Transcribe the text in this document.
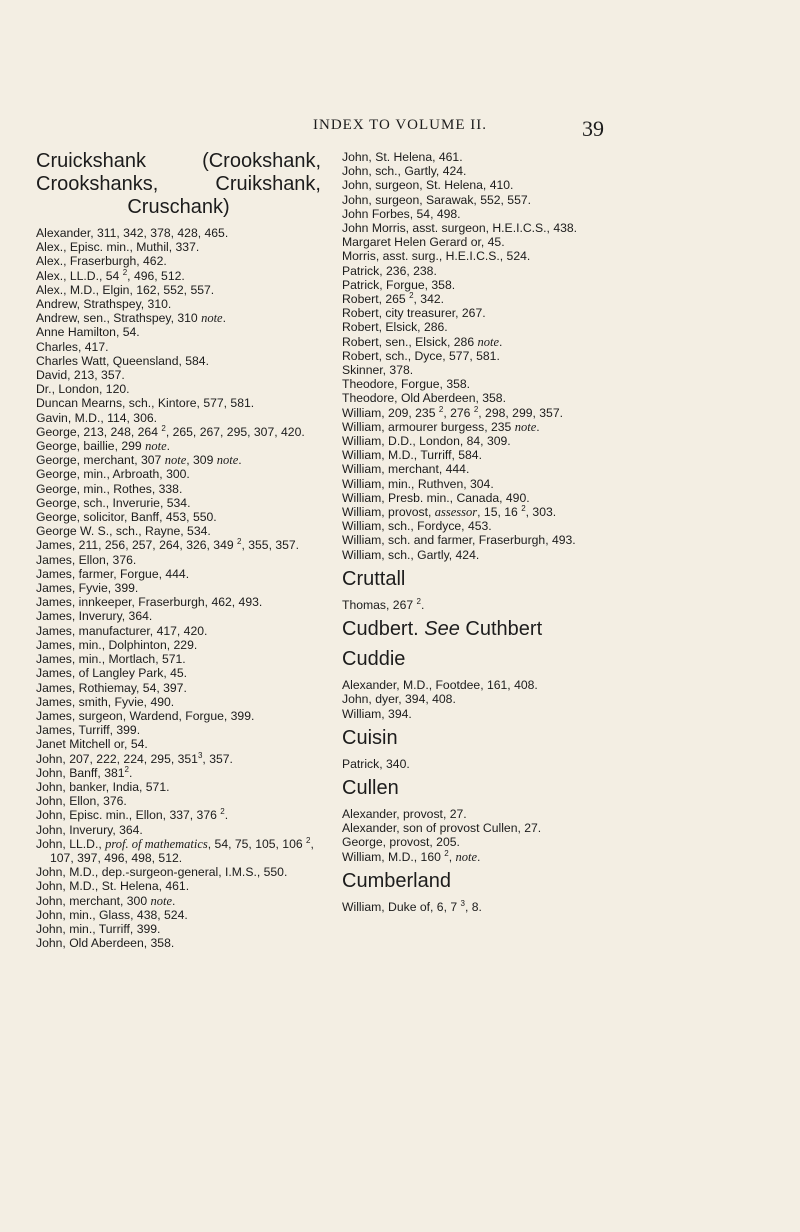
INDEX TO VOLUME II.	39
Cruickshank (Crookshank, Crookshanks, Cruikshank, Cruschank)
Alexander, 311, 342, 378, 428, 465.
Alex., Episc. min., Muthil, 337.
Alex., Fraserburgh, 462.
Alex., LL.D., 54 $^2$, 496, 512.
Alex., M.D., Elgin, 162, 552, 557.
Andrew, Strathspey, 310.
Andrew, sen., Strathspey, 310 note.
Anne Hamilton, 54.
Charles, 417.
Charles Watt, Queensland, 584.
David, 213, 357.
Dr., London, 120.
Duncan Mearns, sch., Kintore, 577, 581.
Gavin, M.D., 114, 306.
George, 213, 248, 264 $^2$, 265, 267, 295, 307, 420.
George, baillie, 299 note.
George, merchant, 307 note, 309 note.
George, min., Arbroath, 300.
George, min., Rothes, 338.
George, sch., Inverurie, 534.
George, solicitor, Banff, 453, 550.
George W. S., sch., Rayne, 534.
James, 211, 256, 257, 264, 326, 349 $^2$, 355, 357.
James, Ellon, 376.
James, farmer, Forgue, 444.
James, Fyvie, 399.
James, innkeeper, Fraserburgh, 462, 493.
James, Inverury, 364.
James, manufacturer, 417, 420.
James, min., Dolphinton, 229.
James, min., Mortlach, 571.
James, of Langley Park, 45.
James, Rothiemay, 54, 397.
James, smith, Fyvie, 490.
James, surgeon, Wardend, Forgue, 399.
James, Turriff, 399.
Janet Mitchell or, 54.
John, 207, 222, 224, 295, $351^3$, 357.
John, Banff, $381^2$.
John, banker, India, 571.
John, Ellon, 376.
John, Episc. min., Ellon, 337, 376 $^2$.
John, Inverury, 364.
John, LL.D., prof. of mathematics, 54, 75, 105, 106 $^2$, 107, 397, 496, 498, 512.
John, M.D., dep.-surgeon-general, I.M.S., 550.
John, M.D., St. Helena, 461.
John, merchant, 300 note.
John, min., Glass, 438, 524.
John, min., Turriff, 399.
John, Old Aberdeen, 358.
John, St. Helena, 461.
John, sch., Gartly, 424.
John, surgeon, St. Helena, 410.
John, surgeon, Sarawak, 552, 557.
John Forbes, 54, 498.
John Morris, asst. surgeon, H.E.I.C.S., 438.
Margaret Helen Gerard or, 45.
Morris, asst. surg., H.E.I.C.S., 524.
Patrick, 236, 238.
Patrick, Forgue, 358.
Robert, 265 $^2$, 342.
Robert, city treasurer, 267.
Robert, Elsick, 286.
Robert, sen., Elsick, 286 note.
Robert, sch., Dyce, 577, 581.
Skinner, 378.
Theodore, Forgue, 358.
Theodore, Old Aberdeen, 358.
William, 209, 235 $^2$, 276 $^2$, 298, 299, 357.
William, armourer burgess, 235 note.
William, D.D., London, 84, 309.
William, M.D., Turriff, 584.
William, merchant, 444.
William, min., Ruthven, 304.
William, Presb. min., Canada, 490.
William, provost, assessor, 15, 16 $^2$, 303.
William, sch., Fordyce, 453.
William, sch. and farmer, Fraserburgh, 493.
William, sch., Gartly, 424.
Cruttall
Thomas, 267 $^2$.
Cudbert. See Cuthbert
Cuddie
Alexander, M.D., Footdee, 161, 408.
John, dyer, 394, 408.
William, 394.
Cuisin
Patrick, 340.
Cullen
Alexander, provost, 27.
Alexander, son of provost Cullen, 27.
George, provost, 205.
William, M.D., 160 $^2$, note.
Cumberland
William, Duke of, 6, 7 $^3$, 8.
